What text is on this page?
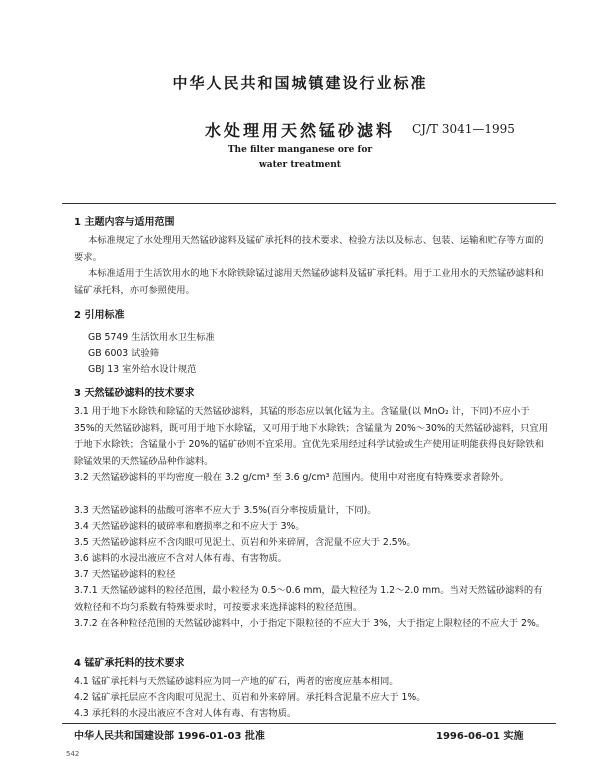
中华人民共和国城镇建设行业标准
水处理用天然锰砂滤料	CJ/T 3041—1995
The filter manganese ore for
water treatment
1 主题内容与适用范围
本标准规定了水处理用天然锰砂滤料及锰矿承托料的技术要求、检验方法以及标志、包装、运输和贮存等方面的要求。
本标准适用于生活饮用水的地下水除铁除锰过滤用天然锰砂滤料及锰矿承托料。用于工业用水的天然锰砂滤料和锰矿承托料，亦可参照使用。
2 引用标准
GB 5749 生活饮用水卫生标准
GB 6003 试验筛
GBJ 13 室外给水设计规范
3 天然锰砂滤料的技术要求
3.1 用于地下水除铁和除锰的天然锰砂滤料，其锰的形态应以氧化锰为主。含锰量(以 MnO₂ 计，下同)不应小于 35%的天然锰砂滤料，既可用于地下水除锰，又可用于地下水除铁；含锰量为 20%～30%的天然锰砂滤料，只宜用于地下水除铁；含锰量小于 20%的锰矿砂则不宜采用。宜优先采用经过科学试验或生产使用证明能获得良好除铁和除锰效果的天然锰砂品种作滤料。
3.2 天然锰砂滤料的平均密度一般在 3.2 g/cm³ 至 3.6 g/cm³ 范围内。使用中对密度有特殊要求者除外。
3.3 天然锰砂滤料的盐酸可溶率不应大于 3.5%(百分率按质量计，下同)。
3.4 天然锰砂滤料的破碎率和磨损率之和不应大于 3%。
3.5 天然锰砂滤料应不含肉眼可见泥土、页岩和外来碎屑，含泥量不应大于 2.5%。
3.6 滤料的水浸出液应不含对人体有毒、有害物质。
3.7 天然锰砂滤料的粒径
3.7.1 天然锰砂滤料的粒径范围，最小粒径为 0.5～0.6 mm，最大粒径为 1.2～2.0 mm。当对天然锰砂滤料的有效粒径和不均匀系数有特殊要求时，可按要求来选择滤料的粒径范围。
3.7.2 在各种粒径范围的天然锰砂滤料中，小于指定下限粒径的不应大于 3%，大于指定上限粒径的不应大于 2%。
4 锰矿承托料的技术要求
4.1 锰矿承托料与天然锰砂滤料应为同一产地的矿石，两者的密度应基本相同。
4.2 锰矿承托层应不含肉眼可见泥土、页岩和外来碎屑。承托料含泥量不应大于 1%。
4.3 承托料的水浸出液应不含对人体有毒、有害物质。
中华人民共和国建设部 1996-01-03 批准	1996-06-01 实施
542
